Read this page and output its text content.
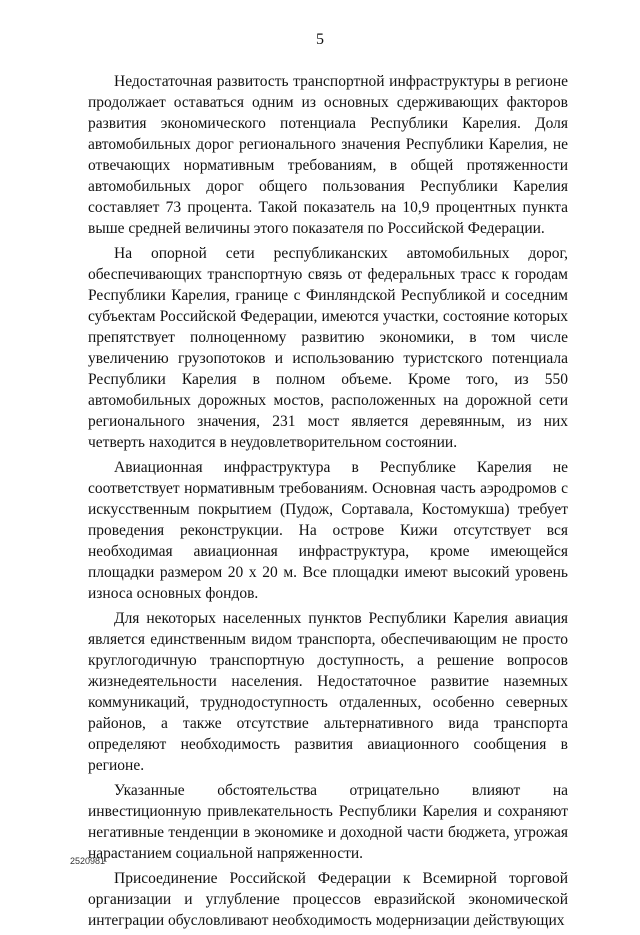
5

Недостаточная развитость транспортной инфраструктуры в регионе продолжает оставаться одним из основных сдерживающих факторов развития экономического потенциала Республики Карелия. Доля автомобильных дорог регионального значения Республики Карелия, не отвечающих нормативным требованиям, в общей протяженности автомобильных дорог общего пользования Республики Карелия составляет 73 процента. Такой показатель на 10,9 процентных пункта выше средней величины этого показателя по Российской Федерации.

На опорной сети республиканских автомобильных дорог, обеспечивающих транспортную связь от федеральных трасс к городам Республики Карелия, границе с Финляндской Республикой и соседним субъектам Российской Федерации, имеются участки, состояние которых препятствует полноценному развитию экономики, в том числе увеличению грузопотоков и использованию туристского потенциала Республики Карелия в полном объеме. Кроме того, из 550 автомобильных дорожных мостов, расположенных на дорожной сети регионального значения, 231 мост является деревянным, из них четверть находится в неудовлетворительном состоянии.

Авиационная инфраструктура в Республике Карелия не соответствует нормативным требованиям. Основная часть аэродромов с искусственным покрытием (Пудож, Сортавала, Костомукша) требует проведения реконструкции. На острове Кижи отсутствует вся необходимая авиационная инфраструктура, кроме имеющейся площадки размером 20 х 20 м. Все площадки имеют высокий уровень износа основных фондов.

Для некоторых населенных пунктов Республики Карелия авиация является единственным видом транспорта, обеспечивающим не просто круглогодичную транспортную доступность, а решение вопросов жизнедеятельности населения. Недостаточное развитие наземных коммуникаций, труднодоступность отдаленных, особенно северных районов, а также отсутствие альтернативного вида транспорта определяют необходимость развития авиационного сообщения в регионе.

Указанные обстоятельства отрицательно влияют на инвестиционную привлекательность Республики Карелия и сохраняют негативные тенденции в экономике и доходной части бюджета, угрожая нарастанием социальной напряженности.

Присоединение Российской Федерации к Всемирной торговой организации и углубление процессов евразийской экономической интеграции обусловливают необходимость модернизации действующих

2520981
